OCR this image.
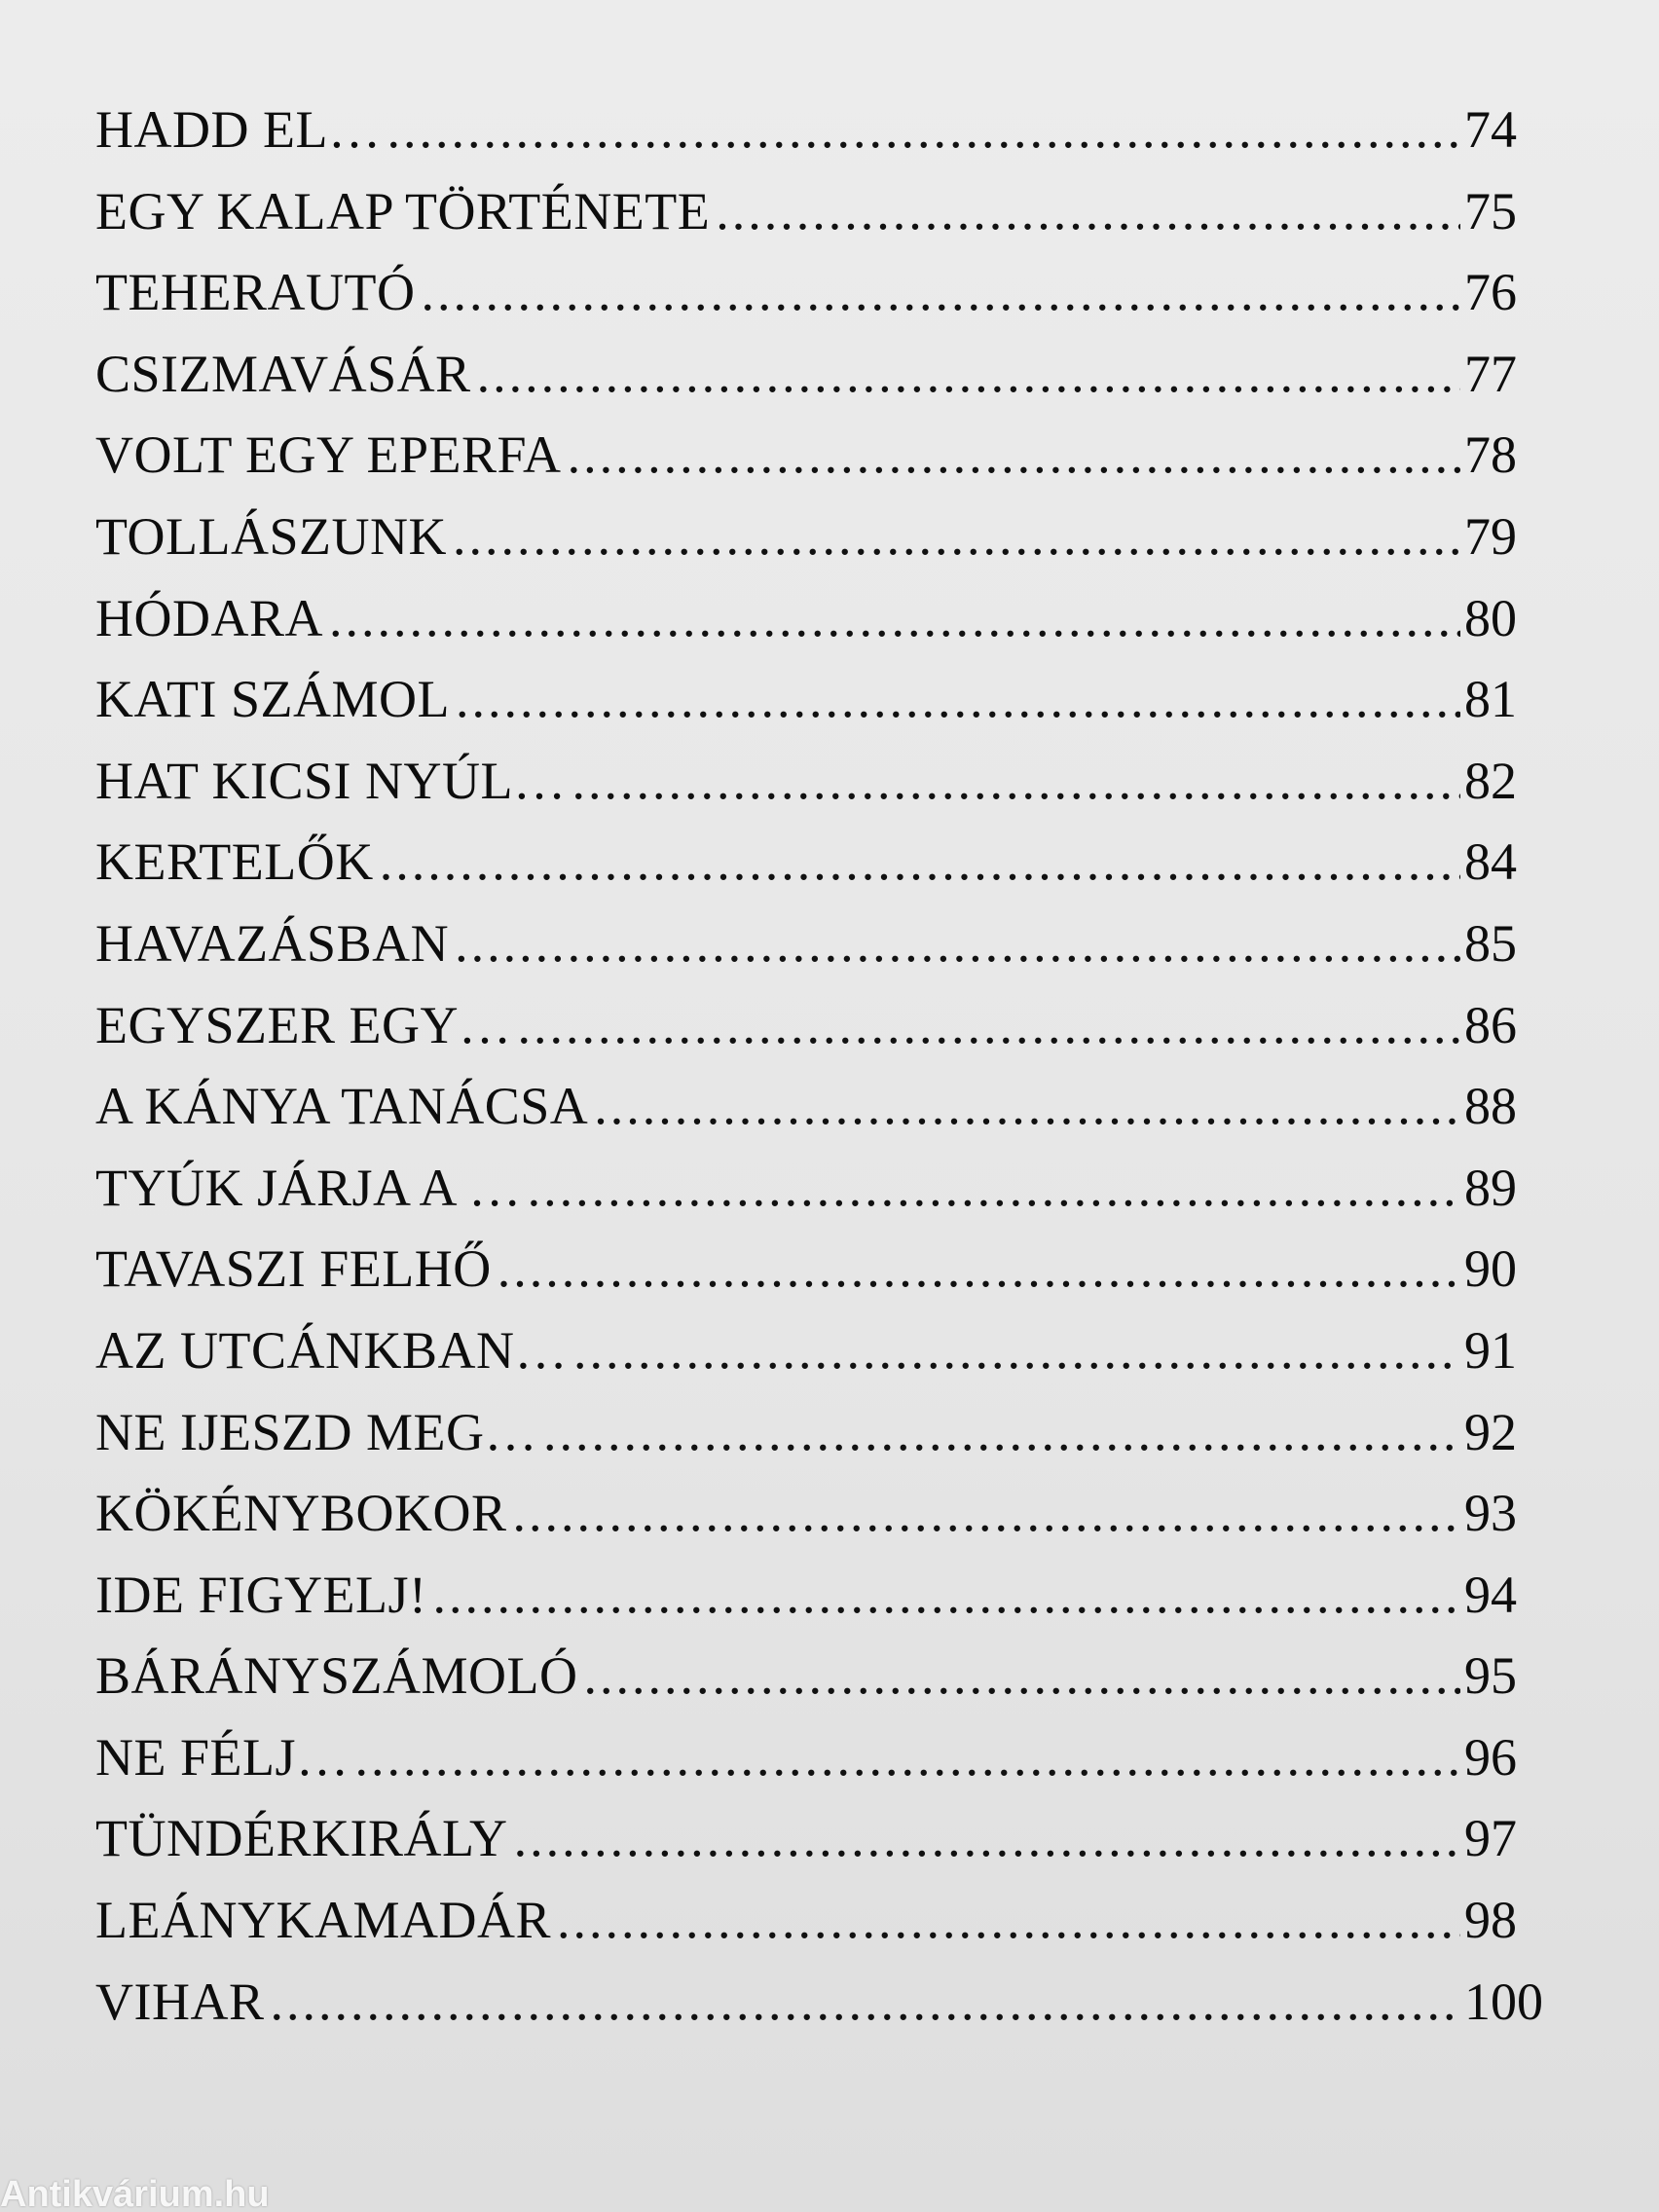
HADD EL… .....	74
EGY KALAP TÖRTÉNETE .....	75
TEHERAUTÓ .....	76
CSIZMAVÁSÁR .....	77
VOLT EGY EPERFA .....	78
TOLLÁSZUNK .....	79
HÓDARA .....	80
KATI SZÁMOL .....	81
HAT KICSI NYÚL… .....	82
KERTELŐK .....	84
HAVAZÁSBAN .....	85
EGYSZER EGY… .....	86
A KÁNYA TANÁCSA .....	88
TYÚK JÁRJA A … .....	89
TAVASZI FELHŐ .....	90
AZ UTCÁNKBAN… .....	91
NE IJESZD MEG… .....	92
KÖKÉNYBOKOR .....	93
IDE FIGYELJ! .....	94
BÁRÁNYSZÁMOLÓ .....	95
NE FÉLJ… .....	96
TÜNDÉRKIRÁLY .....	97
LEÁNYKAMADÁR .....	98
VIHAR .....	100
Antikvárium.hu
